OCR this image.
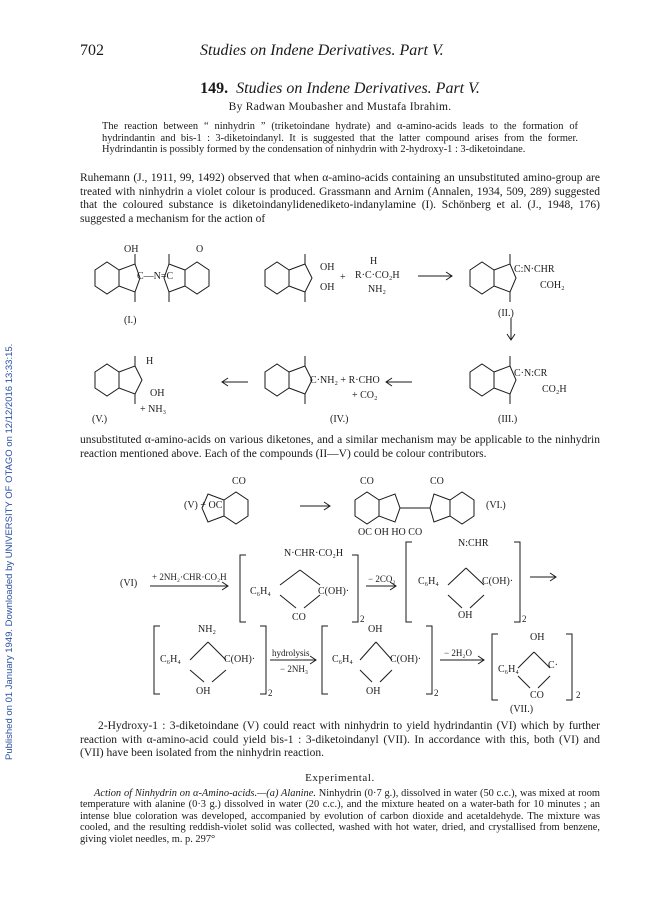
Published on 01 January 1949. Downloaded by UNIVERSITY OF OTAGO on 12/12/2016 13:33:15.
702	Studies on Indene Derivatives. Part V.
149. Studies on Indene Derivatives. Part V.
By Radwan Moubasher and Mustafa Ibrahim.
The reaction between “ ninhydrin ” (triketoindane hydrate) and α-amino-acids leads to the formation of hydrindantin and bis-1 : 3-diketoindanyl. It is suggested that the latter compound arises from the former. Hydrindantin is possibly formed by the condensation of ninhydrin with 2-hydroxy-1 : 3-diketoindane.
Ruhemann (J., 1911, 99, 1492) observed that when α-amino-acids containing an unsubstituted amino-group are treated with ninhydrin a violet colour is produced. Grassmann and Arnim (Annalen, 1934, 509, 289) suggested that the coloured substance is diketoindanylidenediketo-indanylamine (I). Schönberg et al. (J., 1948, 176) suggested a mechanism for the action of
OH	O
C—N=C
(I.)
OH
OH
+
H
R·C·CO₂H
NH₂
C:N·CHR
COH₂
(II.)
H
OH
+ NH₃
(V.)
C·NH₂ + R·CHO
+ CO₂
(IV.)
C·N:CR
CO₂H
(III.)
(V) + OC
CO	CO
CO
OC OH HO CO
(VI.)
(VI)
+ 2NH₂·CHR·CO₂H
N·CHR·CO₂H
C₆H₄	C(OH)·
CO	2
− 2CO₂
N:CHR
C₆H₄	C(OH)·
OH	2
NH₂
C₆H₄	C(OH)·
OH	2
hydrolysis
− 2NH₃
OH
C₆H₄	C(OH)·
OH	2
− 2H₂O
OH
C₆H₄	C·
CO	2
(VII.)
unsubstituted α-amino-acids on various diketones, and a similar mechanism may be applicable to the ninhydrin reaction mentioned above. Each of the compounds (II—V) could be colour contributors.
2-Hydroxy-1 : 3-diketoindane (V) could react with ninhydrin to yield hydrindantin (VI) which by further reaction with α-amino-acid could yield bis-1 : 3-diketoindanyl (VII). In accordance with this, both (VI) and (VII) have been isolated from the ninhydrin reaction.
Experimental.
Action of Ninhydrin on α-Amino-acids.—(a) Alanine. Ninhydrin (0·7 g.), dissolved in water (50 c.c.), was mixed at room temperature with alanine (0·3 g.) dissolved in water (20 c.c.), and the mixture heated on a water-bath for 10 minutes ; an intense blue coloration was developed, accompanied by evolution of carbon dioxide and acetaldehyde. The mixture was cooled, and the resulting reddish-violet solid was collected, washed with hot water, dried, and crystallised from benzene, giving violet needles, m. p. 297°
